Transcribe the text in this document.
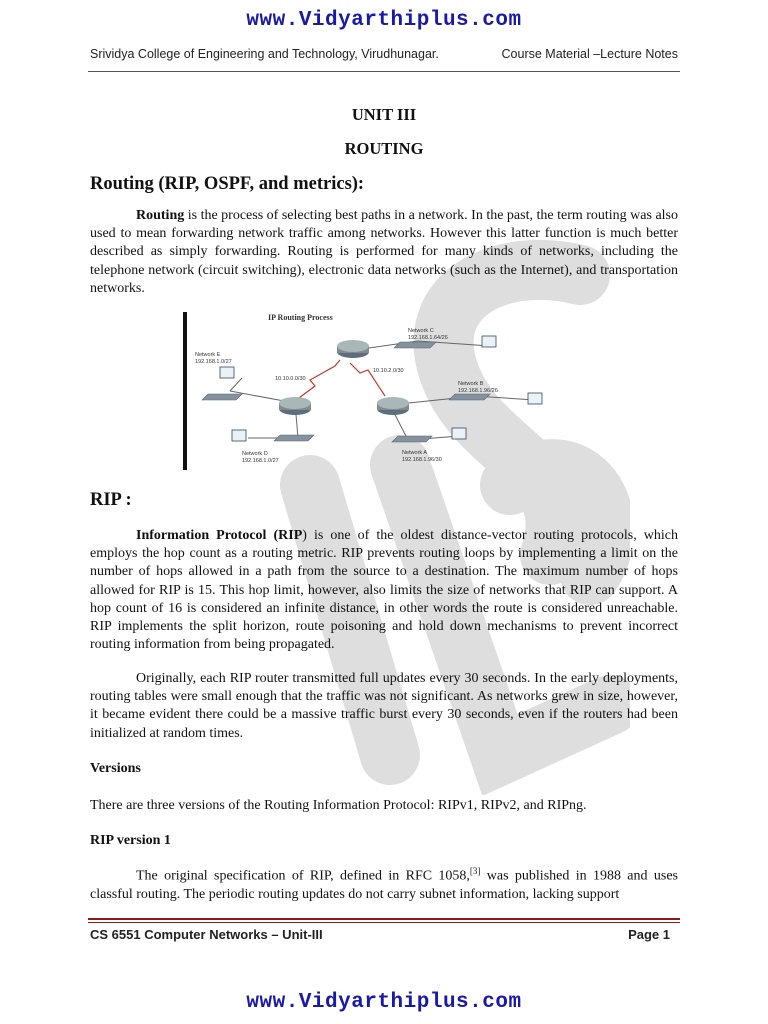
www.Vidyarthiplus.com
Srividya College of Engineering and Technology, Virudhunagar.	Course Material –Lecture Notes
UNIT III
ROUTING
Routing (RIP, OSPF, and metrics):
Routing is the process of selecting best paths in a network. In the past, the term routing was also used to mean forwarding network traffic among networks. However this latter function is much better described as simply forwarding. Routing is performed for many kinds of networks, including the telephone network (circuit switching), electronic data networks (such as the Internet), and transportation networks.
IP Routing Process
Network E
192.168.1.0/27
Network C
192.168.1.64/26
Network B
192.168.1.96/26
Network D
192.168.1.0/27
Network A
192.168.1.96/30
10.10.0.0/30
10.10.2.0/30
RIP :
Information Protocol (RIP) is one of the oldest distance-vector routing protocols, which employs the hop count as a routing metric. RIP prevents routing loops by implementing a limit on the number of hops allowed in a path from the source to a destination. The maximum number of hops allowed for RIP is 15. This hop limit, however, also limits the size of networks that RIP can support. A hop count of 16 is considered an infinite distance, in other words the route is considered unreachable. RIP implements the split horizon, route poisoning and hold down mechanisms to prevent incorrect routing information from being propagated.
Originally, each RIP router transmitted full updates every 30 seconds. In the early deployments, routing tables were small enough that the traffic was not significant. As networks grew in size, however, it became evident there could be a massive traffic burst every 30 seconds, even if the routers had been initialized at random times.
Versions
There are three versions of the Routing Information Protocol: RIPv1, RIPv2, and RIPng.
RIP version 1
The original specification of RIP, defined in RFC 1058,[3] was published in 1988 and uses classful routing. The periodic routing updates do not carry subnet information, lacking support
CS 6551 Computer Networks – Unit-III	Page 1
www.Vidyarthiplus.com
